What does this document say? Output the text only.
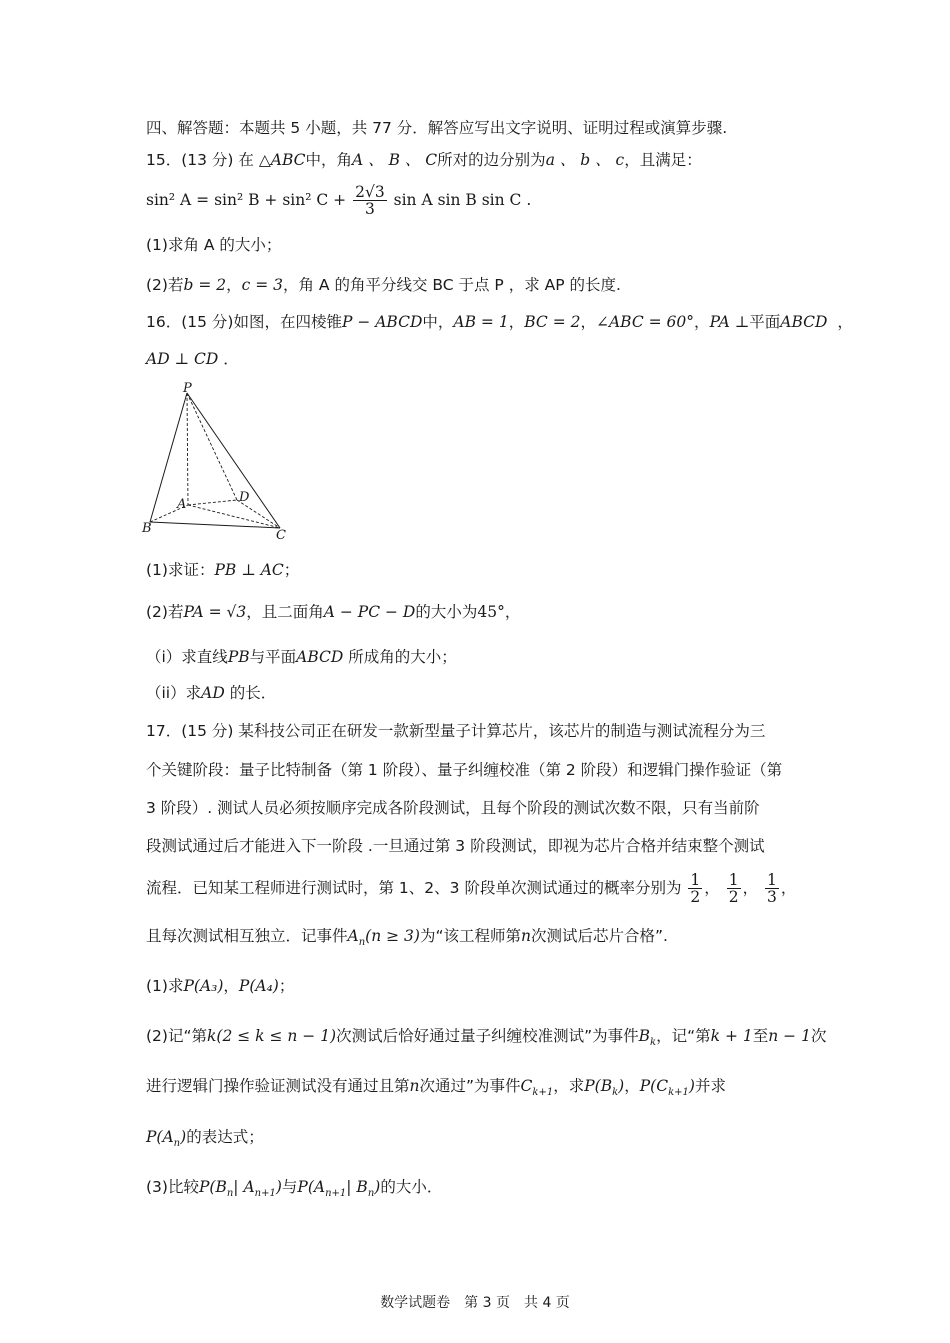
四、解答题：本题共 5 小题，共 77 分．解答应写出文字说明、证明过程或演算步骤.
15．(13 分) 在 △ABC中，角A 、 B 、 C所对的边分别为a 、 b 、 c，且满足：
sin² A = sin² B + sin² $C + \frac{2√3}{3}$ sin A sin B sin C .
(1)求角 A 的大小；
(2)若b = 2，c = 3，角 A 的角平分线交 BC 于点 P ，求 AP 的长度.
16．(15 分)如图，在四棱锥P − ABCD中，AB = 1，BC = 2，∠ABC = 60°，PA ⊥平面ABCD ，
AD ⊥ CD ．
P
A	D
B	C
(1)求证：PB ⊥ AC；
(2)若PA = √3，且二面角A − PC − D的大小为45°，
（i）求直线PB与平面ABCD 所成角的大小；
（ii）求AD 的长．
17．(15 分) 某科技公司正在研发一款新型量子计算芯片，该芯片的制造与测试流程分为三
个关键阶段：量子比特制备（第 1 阶段）、量子纠缠校准（第 2 阶段）和逻辑门操作验证（第
3 阶段）. 测试人员必须按顺序完成各阶段测试，且每个阶段的测试次数不限，只有当前阶
段测试通过后才能进入下一阶段 .一旦通过第 3 阶段测试，即视为芯片合格并结束整个测试
流程．已知某工程师进行测试时，第 1、2、3 阶段单次测试通过的概率分别为 $\frac{1}{2}$ ， $\frac{1}{2}$ ， $\frac{1}{3}$ ，
且每次测试相互独立．记事件$A_n(n \ge 3)$为“该工程师第n次测试后芯片合格”.
(1)求P(A₃)，P(A₄)；
(2)记“第k(2 ≤ k ≤ n − 1)次测试后恰好通过量子纠缠校准测试”为事件$B_k$，记“第k + 1至n − 1次
进行逻辑门操作验证测试没有通过且第n次通过”为事件$C_{k+1}$，求$P(B_k)$，$P(C_{k+1})$并求
$P(A_n)$的表达式；
(3)比较$P(B_n|$ $A_{n+1}$)与$P(A_{n+1}|$ $B_n$)的大小．
数学试题卷　第 3 页　共 4 页
